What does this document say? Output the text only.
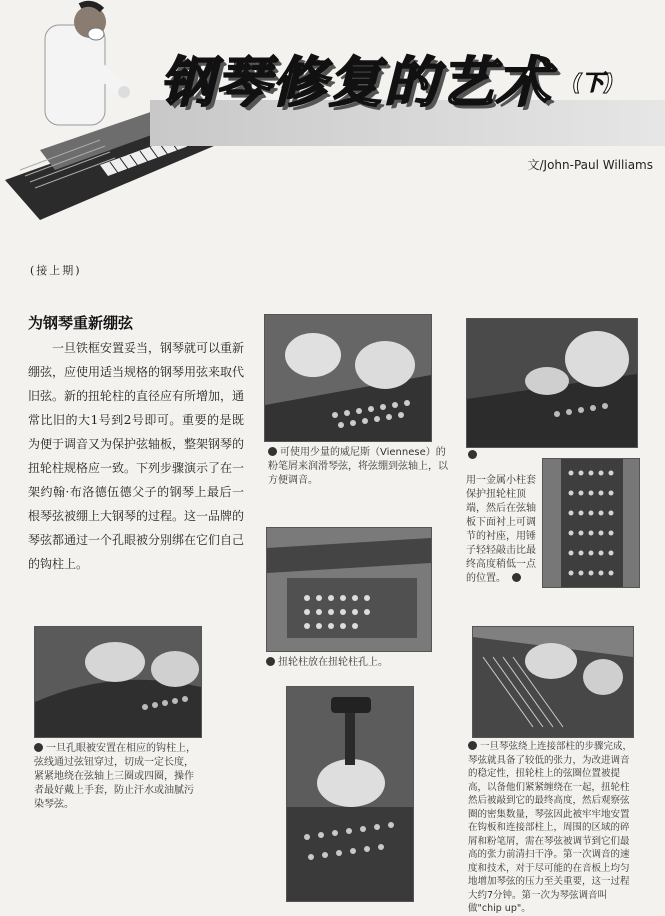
钢琴修复的艺术 (下)
文/John-Paul Williams
(接上期)
为钢琴重新绷弦
一旦铁框安置妥当，钢琴就可以重新绷弦，应使用适当规格的钢琴用弦来取代旧弦。新的扭轮柱的直径应有所增加，通常比旧的大1号到2号即可。重要的是既为便于调音又为保护弦轴板，整架钢琴的扭轮柱规格应一致。下列步骤演示了在一架约翰·布洛德伍德父子的钢琴上最后一根琴弦被绷上大钢琴的过程。这一品牌的琴弦都通过一个孔眼被分别绑在它们自己的钩柱上。
一旦孔眼被安置在相应的钩柱上，弦线通过弦钮穿过，切成一定长度，紧紧地绕在弦轴上三圈或四圈，操作者最好戴上手套，防止汗水或油腻污染琴弦。
可使用少量的威尼斯（Viennese）的粉笔屑来润滑琴弦，将弦绷到弦轴上，以方便调音。
扭轮柱放在扭轮柱孔上。
用一金属小柱套保护扭轮柱顶端，然后在弦轴板下面衬上可调节的衬座，用锤子轻轻敲击比最终高度稍低一点的位置。
一旦琴弦绕上连接部柱的步骤完成，琴弦就具备了较低的张力，为改进调音的稳定性，扭轮柱上的弦圈位置被提高，以备他们紧紧缠绕在一起，扭轮柱然后被敲到它的最终高度，然后观察弦圈的密集数量，琴弦因此被牢牢地安置在钩板和连接部柱上，周围的区域的碎屑和粉笔屑，需在琴弦被调节到它们最高的张力前清扫干净。第一次调音的速度和技术，对于尽可能的在音板上均匀地增加琴弦的压力至关重要，这一过程大约7分钟。第一次为琴弦调音叫做"chip up"。
